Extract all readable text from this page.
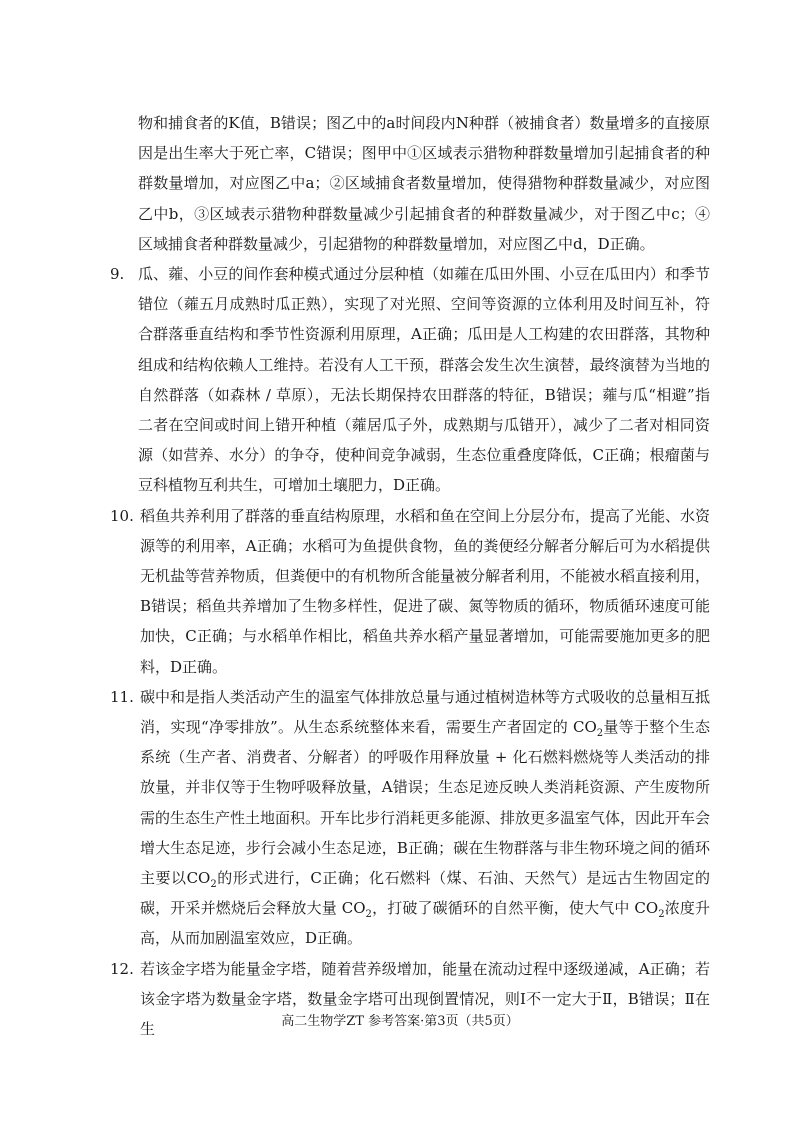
物和捕食者的K值，B错误；图乙中的a时间段内N种群（被捕食者）数量增多的直接原因是出生率大于死亡率，C错误；图甲中①区域表示猎物种群数量增加引起捕食者的种群数量增加，对应图乙中a；②区域捕食者数量增加，使得猎物种群数量减少，对应图乙中b，③区域表示猎物种群数量减少引起捕食者的种群数量减少，对于图乙中c；④区域捕食者种群数量减少，引起猎物的种群数量增加，对应图乙中d，D正确。

9. 瓜、蕹、小豆的间作套种模式通过分层种植（如蕹在瓜田外围、小豆在瓜田内）和季节错位（蕹五月成熟时瓜正熟），实现了对光照、空间等资源的立体利用及时间互补，符合群落垂直结构和季节性资源利用原理，A正确；瓜田是人工构建的农田群落，其物种组成和结构依赖人工维持。若没有人工干预，群落会发生次生演替，最终演替为当地的自然群落（如森林 / 草原），无法长期保持农田群落的特征，B错误；蕹与瓜“相避”指二者在空间或时间上错开种植（蕹居瓜子外，成熟期与瓜错开），减少了二者对相同资源（如营养、水分）的争夺，使种间竞争减弱，生态位重叠度降低，C正确；根瘤菌与豆科植物互利共生，可增加土壤肥力，D正确。

10. 稻鱼共养利用了群落的垂直结构原理，水稻和鱼在空间上分层分布，提高了光能、水资源等的利用率，A正确；水稻可为鱼提供食物，鱼的粪便经分解者分解后可为水稻提供无机盐等营养物质，但粪便中的有机物所含能量被分解者利用，不能被水稻直接利用，B错误；稻鱼共养增加了生物多样性，促进了碳、氮等物质的循环，物质循环速度可能加快，C正确；与水稻单作相比，稻鱼共养水稻产量显著增加，可能需要施加更多的肥料，D正确。

11. 碳中和是指人类活动产生的温室气体排放总量与通过植树造林等方式吸收的总量相互抵消，实现“净零排放”。从生态系统整体来看，需要生产者固定的 $CO_2$量等于整个生态系统（生产者、消费者、分解者）的呼吸作用释放量 + 化石燃料燃烧等人类活动的排放量，并非仅等于生物呼吸释放量，A错误；生态足迹反映人类消耗资源、产生废物所需的生态生产性土地面积。开车比步行消耗更多能源、排放更多温室气体，因此开车会增大生态足迹，步行会减小生态足迹，B正确；碳在生物群落与非生物环境之间的循环主要以$CO_2$的形式进行，C正确；化石燃料（煤、石油、天然气）是远古生物固定的碳，开采并燃烧后会释放大量 $CO_2$，打破了碳循环的自然平衡，使大气中 $CO_2$浓度升高，从而加剧温室效应，D正确。

12. 若该金字塔为能量金字塔，随着营养级增加，能量在流动过程中逐级递减，A正确；若该金字塔为数量金字塔，数量金字塔可出现倒置情况，则Ⅰ不一定大于Ⅱ，B错误；Ⅱ在生	高二生物学ZT 参考答案·第3页（共5页）
